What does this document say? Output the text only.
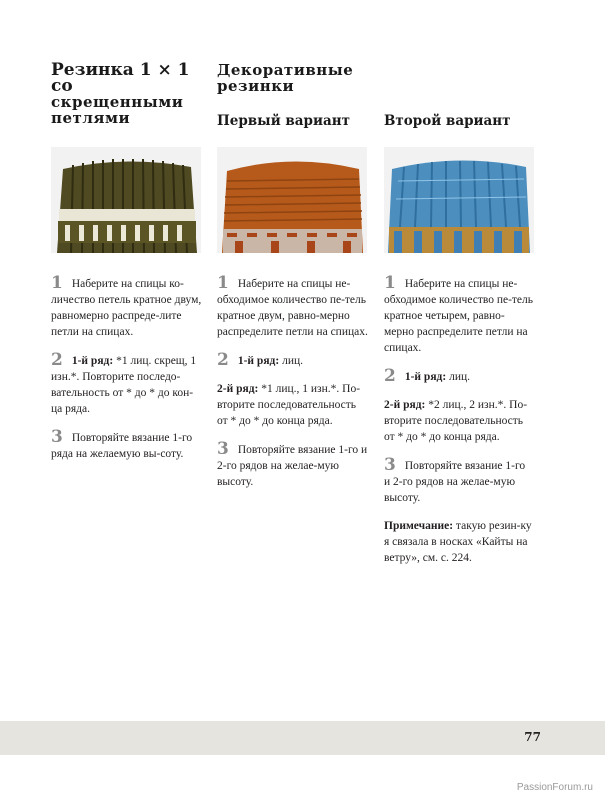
Резинка 1 × 1 со
скрещенными
петлями

1 Наберите на спицы ко-личество петель кратное двум, равномерно распреде-лите петли на спицах.

2 1-й ряд: *1 лиц. скрещ, 1 изн.*. Повторите последо-вательность от * до * до кон-ца ряда.

3 Повторяйте вязание 1-го ряда на желаемую вы-соту.

Декоративные
резинки
Первый вариант

1 Наберите на спицы не-обходимое количество пе-тель кратное двум, равно-мерно распределите петли на спицах.

2 1-й ряд: лиц.

2-й ряд: *1 лиц., 1 изн.*. По-вторите последовательность от * до * до конца ряда.

3 Повторяйте вязание 1-го и 2-го рядов на желае-мую высоту.

Второй вариант

1 Наберите на спицы не-обходимое количество пе-тель кратное четырем, равно-мерно распределите петли на спицах.

2 1-й ряд: лиц.

2-й ряд: *2 лиц., 2 изн.*. По-вторите последовательность от * до * до конца ряда.

3 Повторяйте вязание 1-го и 2-го рядов на желае-мую высоту.

Примечание: такую резин-ку я связала в носках «Кайты на ветру», см. с. 224.

77
PassionForum.ru
